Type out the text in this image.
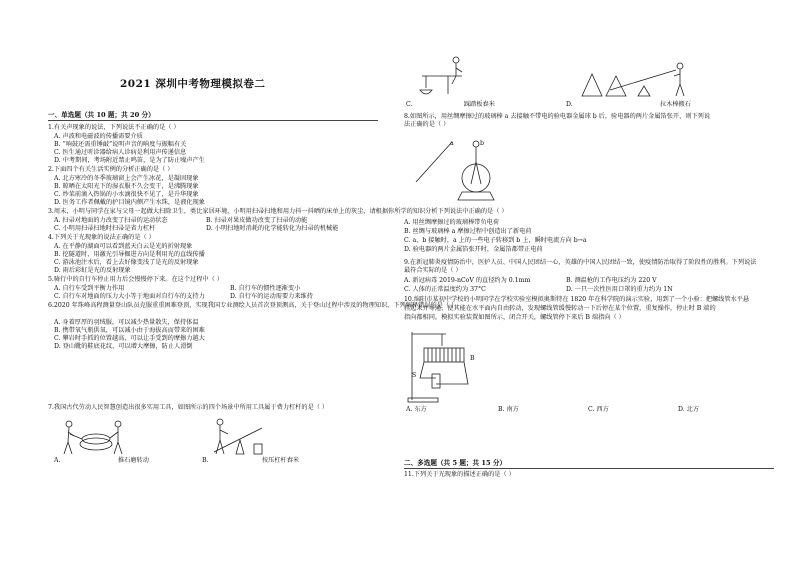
2021 深圳中考物理模拟卷二
一、单选题（共 10 题；共 20 分）
1.有关声现象的说法，下列说法不正确的是（ ）
A. 声波和电磁波的传播需要介质
B. “响鼓还需重锤敲”说明声音的响度与振幅有关
C. 医生通过听诊器给病人诊病是利用声传递信息
D. 中考期间，考场附近禁止鸣笛，是为了防止噪声产生
2.下面四个有关生活实例的分析正确的是（ ）
A. 北方寒冷的冬季玻璃窗上会产生冰花，是凝固现象
B. 晾晒在太阳光下的湿衣服不久会变干，是沸腾现象
C. 炒菜前滴入热锅的小水滴很快不见了，是升华现象
D. 医务工作者佩戴的护目镜内侧产生水珠，是液化现象
3.周末，小明与同学在家与父母一起做大扫除卫生，类比家居环境，小明用扫帚扫地和用力抖一抖晒的床单上的灰尘，请根据你所学的知识分析下列说法中正确的是（ ）
A. 扫帚对地面的力改变了扫帚的运动状态	B. 扫帚对果皮做功改变了扫帚的动能
C. 小明用扫帚扫地时扫帚是省力杠杆	D. 小明扫地时消耗的化学能转化为扫帚的机械能
4.下列关于光现象的说法正确的是（ ）
A. 在平静的湖面可以看到蓝天白云是光的折射现象
B. 挖隧道时，用激光引导掘进方向是利用光的直线传播
C. 游泳池注水后，看上去好像变浅了是光的反射现象
D. 雨后彩虹是光的反射现象
5.骑行中的自行车停止用力后会慢慢停下来。在这个过程中（ ）
A. 自行车受到平衡力作用	B. 自行车的惯性逐渐变小
C. 自行车对地面的压力大小等于地面对自行车的支持力	D. 自行车的运动需要力来维持
6.2020 年珠峰高程测量登山队员克服重重困难登顶，实现我国专业测绘人员首次登顶测高，关于登山过程中涉及的物理知识，下列解释错误的是（ ）
A. 身着厚厚的羽绒服，可以减少热量散失，保持体温
B. 携带氧气瓶供氧，可以减小由于海拔高而带来的困难
C. 攀岩时手抓的位置越高，可以让手受到的摩擦力越大
D. 登山靴的鞋底花纹，可以增大摩擦，防止人滑倒
7.我国古代劳动人民智慧创造出很多实用工具，如图所示的四个场景中所用工具属于费力杠杆的是（ ）
A.	推石磨转动	B.	按压杠杆舂米
C.	踩踏板舂米	D.	拉木棒搬石
8.如图所示，用丝绸摩擦过的玻璃棒 a 去接触不带电的验电器金属球 b 后，验电器的两片金属箔张开，则下列说
法正确的是（ ）
a	b
A. 用丝绸摩擦过的玻璃棒带负电荷
B. 丝绸与玻璃棒 a 摩擦过程中创造出了新电荷
C. a、b 接触时，a 上的一些电子转移到 b 上，瞬时电流方向 b→a
D. 验电器的两片金属箔张开时，金属箔都带正电荷
9.在新冠肺炎疫情防治中，医护人员、中国人民团结一心，英雄的中国人民团结一致，使疫情防治取得了阶段性的胜利。下列说法
最符合实际的是（ ）
A. 新冠病毒 2019-nCoV 的直径约为 0.1mm	B. 测温枪的工作电压约为 220 V
C. 人体的正常温度约为 37°C	D. 一只一次性医用口罩的重力约为 1N
10.绵阳市某初中学校的小明同学在学校实验室模拟奥斯特在 1820 年在科学院的演示实验，用到了一个小验：把螺线管水平悬
挂起来并导通，使其能在水平面内自由转动，发现螺线管缓慢转动一下后停在某个位置，重复操作，停止时 B 端的
指向都相同。模拟实验装置如图所示，闭合开关，螺线管停下来后 B 端指向（ ）
S
B
A. 东方	B. 南方	C. 西方	D. 北方
二、多选题（共 5 题；共 15 分）
11.下列关于光现象的描述正确的是（ ）
